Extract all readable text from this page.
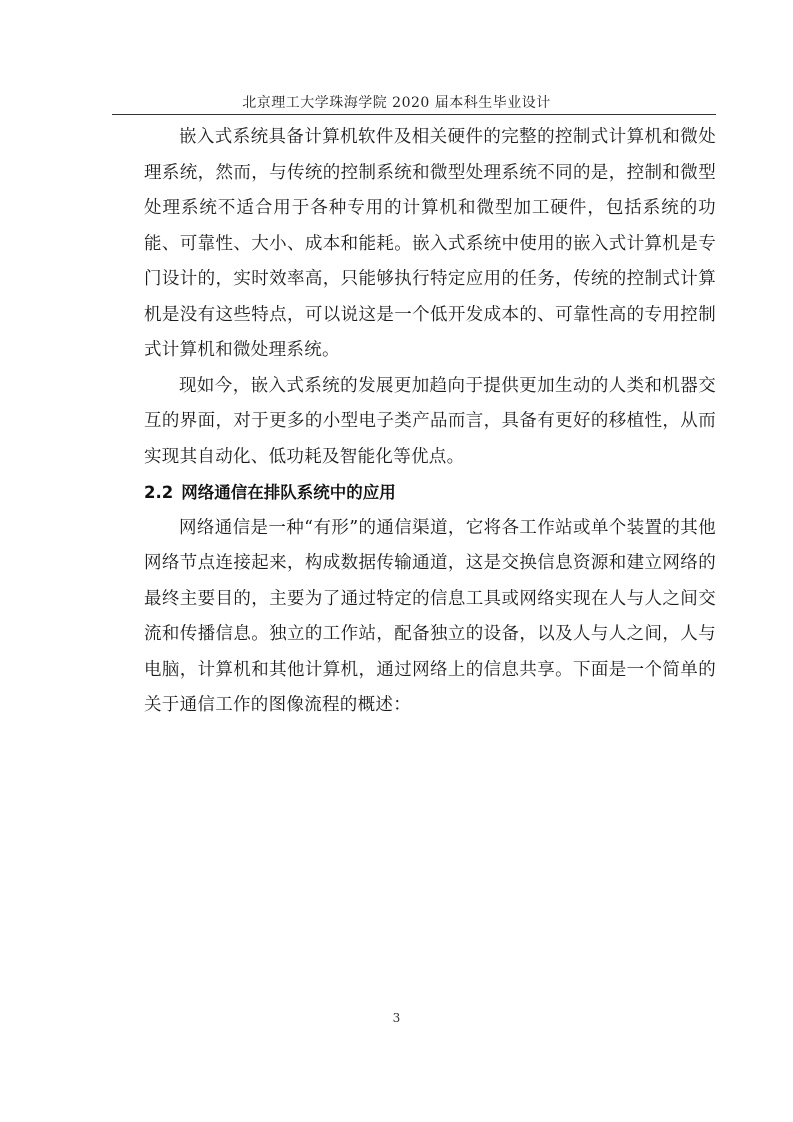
北京理工大学珠海学院 2020 届本科生毕业设计

嵌入式系统具备计算机软件及相关硬件的完整的控制式计算机和微处理系统，然而，与传统的控制系统和微型处理系统不同的是，控制和微型处理系统不适合用于各种专用的计算机和微型加工硬件，包括系统的功能、可靠性、大小、成本和能耗。嵌入式系统中使用的嵌入式计算机是专门设计的，实时效率高，只能够执行特定应用的任务，传统的控制式计算机是没有这些特点，可以说这是一个低开发成本的、可靠性高的专用控制式计算机和微处理系统。

现如今，嵌入式系统的发展更加趋向于提供更加生动的人类和机器交互的界面，对于更多的小型电子类产品而言，具备有更好的移植性，从而实现其自动化、低功耗及智能化等优点。

2.2 网络通信在排队系统中的应用

网络通信是一种“有形”的通信渠道，它将各工作站或单个装置的其他网络节点连接起来，构成数据传输通道，这是交换信息资源和建立网络的最终主要目的，主要为了通过特定的信息工具或网络实现在人与人之间交流和传播信息。独立的工作站，配备独立的设备，以及人与人之间，人与电脑，计算机和其他计算机，通过网络上的信息共享。下面是一个简单的关于通信工作的图像流程的概述：

3
